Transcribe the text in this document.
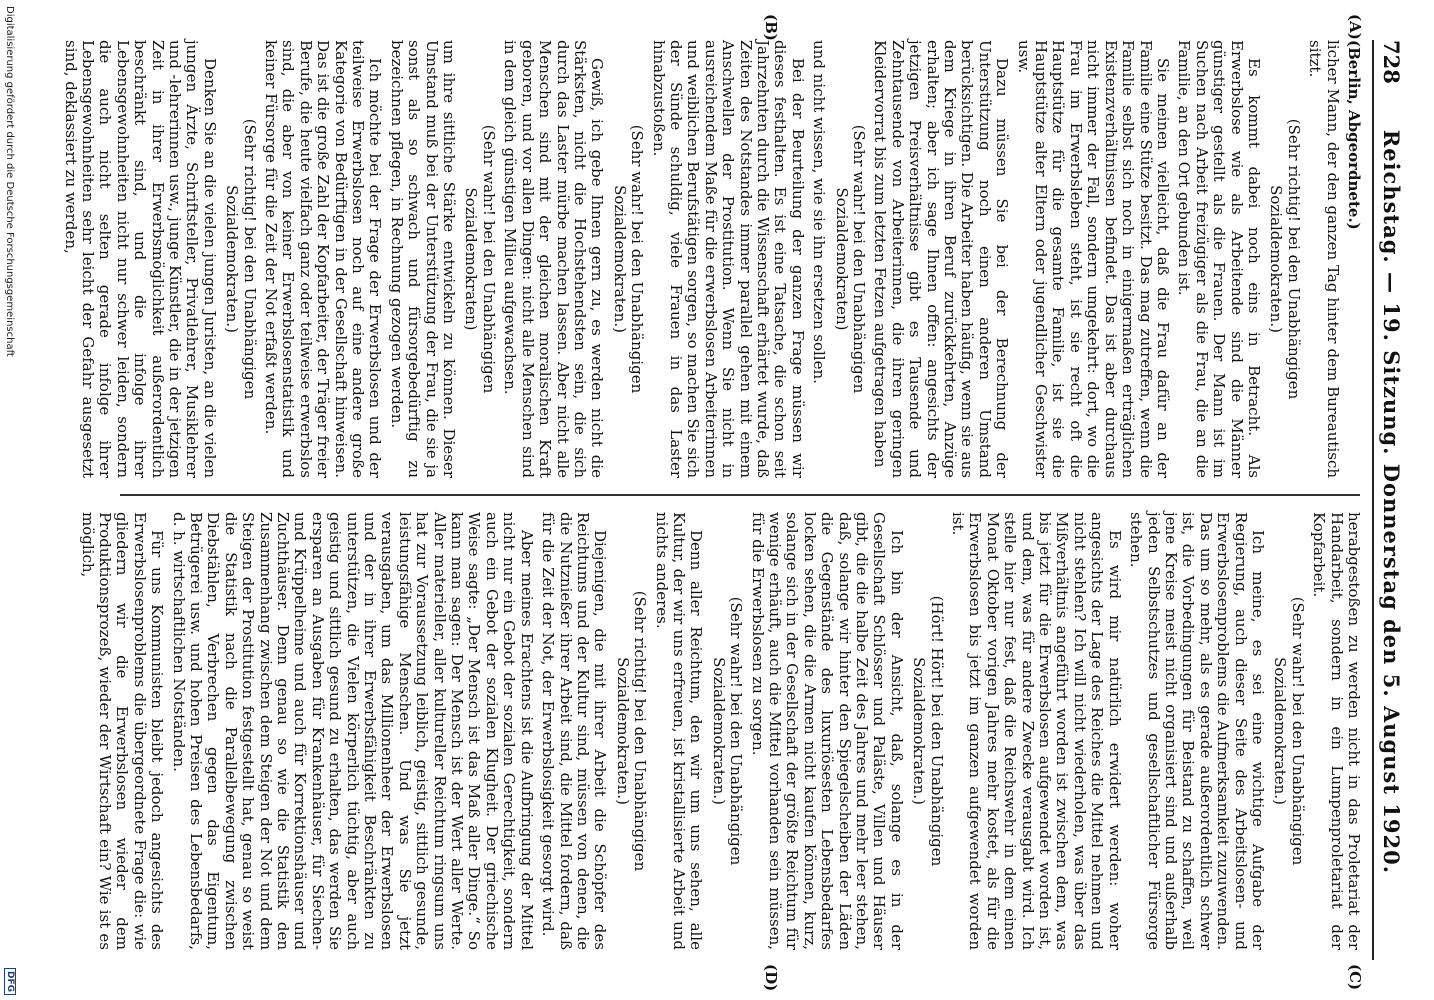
728
Reichstag. — 19. Sitzung. Donnerstag den 5. August 1920.
(A)
(B)
(C)
(D)

(Berlin, Abgeordnete.)

licher Mann, der den ganzen Tag hinter dem Bureautisch sitzt.

(Sehr richtig! bei den Unabhängigen Sozialdemokraten.)

Es kommt dabei noch eins in Betracht. Als Erwerbslose wie als Arbeitende sind die Männer günstiger gestellt als die Frauen. Der Mann ist im Suchen nach Arbeit freizügiger als die Frau, die an die Familie, an den Ort gebunden ist.

Sie meinen vielleicht, daß die Frau dafür an der Familie eine Stütze besitzt. Das mag zutreffen, wenn die Familie selbst sich noch in einigermaßen erträglichen Existenzverhältnissen befindet. Das ist aber durchaus nicht immer der Fall, sondern umgekehrt: dort, wo die Frau im Erwerbsleben steht, ist sie recht oft die Hauptstütze für die gesamte Familie, ist sie die Hauptstütze alter Eltern oder jugendlicher Geschwister usw.

Dazu müssen Sie bei der Berechnung der Unterstützung noch einen anderen Umstand berücksichtigen. Die Arbeiter haben häufig, wenn sie aus dem Kriege in ihren Beruf zurückkehrten, Anzüge erhalten; aber ich sage Ihnen offen: angesichts der jetzigen Preisverhältnisse gibt es Tausende und Zehntausende von Arbeiterinnen, die ihren geringen Kleidervorrat bis zum letzten Fetzen aufgetragen haben

(Sehr wahr! bei den Unabhängigen Sozialdemokraten)

und nicht wissen, wie sie ihn ersetzen sollen.

Bei der Beurteilung der ganzen Frage müssen wir dieses festhalten. Es ist eine Tatsache, die schon seit Jahrzehnten durch die Wissenschaft erhärtet wurde, daß Zeiten des Notstandes immer parallel gehen mit einem Anschwellen der Prostitution. Wenn Sie nicht in ausreichendem Maße für die erwerbslosen Arbeiterinnen und weiblichen Berufstätigen sorgen, so machen Sie sich der Sünde schuldig, viele Frauen in das Laster hinabzustoßen.

(Sehr wahr! bei den Unabhängigen Sozialdemokraten.)

Gewiß, ich gebe Ihnen gern zu, es werden nicht die Stärksten, nicht die Hochstehendsten sein, die sich durch das Laster mürbe machen lassen. Aber nicht alle Menschen sind mit der gleichen moralischen Kraft geboren, und vor allen Dingen: nicht alle Menschen sind in dem gleich günstigen Milieu aufgewachsen.

(Sehr wahr! bei den Unabhängigen Sozialdemokraten)

um ihre sittliche Stärke entwickeln zu können. Dieser Umstand muß bei der Unterstützung der Frau, die sie ja sonst als so schwach und fürsorgebedürftig zu bezeichnen pflegen, in Rechnung gezogen werden.

Ich möchte bei der Frage der Erwerbslosen und der teilweise Erwerbslosen noch auf eine andere große Kategorie von Bedürftigen in der Gesellschaft hinweisen. Das ist die große Zahl der Kopfarbeiter, der Träger freier Berufe, die heute vielfach ganz oder teilweise erwerbslos sind, die aber von keiner Erwerbslosenstatistik und keiner Fürsorge für die Zeit der Not erfaßt werden.

(Sehr richtig! bei den Unabhängigen Sozialdemokraten.)

Denken Sie an die vielen jungen Juristen, an die vielen jungen Ärzte, Schriftsteller, Privatlehrer, Musiklehrer und -lehrerinnen usw., junge Künstler, die in der jetzigen Zeit in ihrer Erwerbsmöglichkeit außerordentlich beschränkt sind, und die infolge ihrer Lebensgewohnheiten nicht nur schwer leiden, sondern die auch nicht selten gerade infolge ihrer Lebensgewohnheiten sehr leicht der Gefahr ausgesetzt sind, deklassiert zu werden,

herabgestoßen zu werden nicht in das Proletariat der Handarbeit, sondern in ein Lumpenproletariat der Kopfarbeit.

(Sehr wahr! bei den Unabhängigen Sozialdemokraten.)

Ich meine, es sei eine wichtige Aufgabe der Regierung, auch dieser Seite des Arbeitslosen- und Erwerbslosenproblems die Aufmerksamkeit zuzuwenden. Das um so mehr, als es gerade außerordentlich schwer ist, die Vorbedingungen für Beistand zu schaffen, weil jene Kreise meist nicht organisiert sind und außerhalb jeden Selbstschutzes und gesellschaftlicher Fürsorge stehen.

Es wird mir natürlich erwidert werden: woher angesichts der Lage des Reiches die Mittel nehmen und nicht stehlen? Ich will nicht wiederholen, was über das Mißverhältnis angeführt worden ist zwischen dem, was bis jetzt für die Erwerbslosen aufgewendet worden ist, und dem, was für andere Zwecke verausgabt wird. Ich stelle hier nur fest, daß die Reichswehr in dem einen Monat Oktober vorigen Jahres mehr kostet, als für die Erwerbslosen bis jetzt im ganzen aufgewendet worden ist.

(Hört! Hört! bei den Unabhängigen Sozialdemokraten.)

Ich bin der Ansicht, daß, solange es in der Gesellschaft Schlösser und Paläste, Villen und Häuser gibt, die die halbe Zeit des Jahres und mehr leer stehen, daß, solange wir hinter den Spiegelscheiben der Läden die Gegenstände des luxuriösesten Lebensbedarfes locken sehen, die die Armen nicht kaufen können, kurz, solange sich in der Gesellschaft der größte Reichtum für wenige erhäuft, auch die Mittel vorhanden sein müssen, für die Erwerbslosen zu sorgen.

(Sehr wahr! bei den Unabhängigen Sozialdemokraten.)

Denn aller Reichtum, den wir um uns sehen, alle Kultur, der wir uns erfreuen, ist kristallisierte Arbeit und nichts anderes.

(Sehr richtig! bei den Unabhängigen Sozialdemokraten.)

Diejenigen, die mit ihrer Arbeit die Schöpfer des Reichtums und der Kultur sind, müssen von denen, die die Nutznießer ihrer Arbeit sind, die Mittel fordern, daß für die Zeit der Not, der Erwerbslosigkeit gesorgt wird.

Aber meines Erachtens ist die Aufbringung der Mittel nicht nur ein Gebot der sozialen Gerechtigkeit, sondern auch ein Gebot der sozialen Klugheit. Der griechische Weise sagte: „Der Mensch ist das Maß aller Dinge.“ So kann man sagen: Der Mensch ist der Wert aller Werte. Aller materieller, aller kultureller Reichtum ringsum uns hat zur Voraussetzung leiblich, geistig, sittlich gesunde, leistungsfähige Menschen. Und was Sie jetzt verausgaben, um das Millionenheer der Erwerbslosen und der in ihrer Erwerbsfähigkeit Beschränkten zu unterstützen, die Vielen körperlich tüchtig, aber auch geistig und sittlich gesund zu erhalten, das werden Sie ersparen an Ausgaben für Krankenhäuser, für Siechen- und Krüppelheime und auch für Korrektionshäuser und Zuchthäuser. Denn genau so wie die Statistik den Zusammenhang zwischen dem Steigen der Not und dem Steigen der Prostitution festgestellt hat, genau so weist die Statistik nach die Parallelbewegung zwischen Diebstählen, Verbrechen gegen das Eigentum, Betrügerei usw. und hohen Preisen des Lebensbedarfs, d. h. wirtschaftlichen Notständen.

Für uns Kommunisten bleibt jedoch angesichts des Erwerbslosenproblems die übergeordnete Frage die: wie gliedern wir die Erwerbslosen wieder dem Produktionsprozeß, wieder der Wirtschaft ein? Wie ist es möglich,

Digitalisierung gefördert durch die Deutsche Forschungsgemeinschaft
DFG
